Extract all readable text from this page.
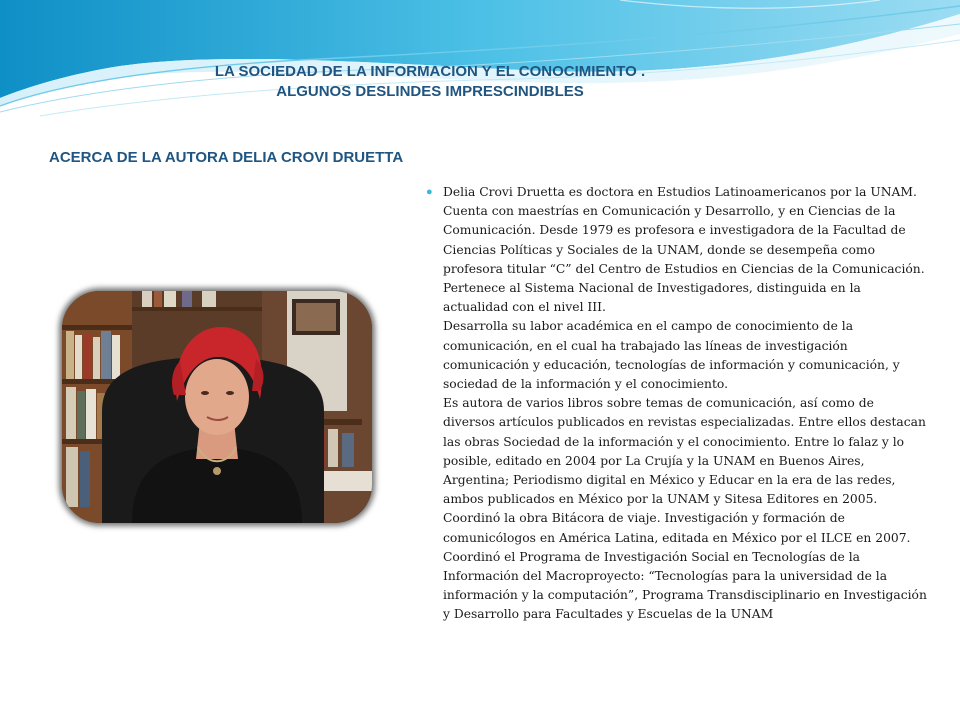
LA SOCIEDAD DE LA INFORMACION Y EL CONOCIMIENTO .
ALGUNOS DESLINDES IMPRESCINDIBLES
ACERCA DE LA AUTORA DELIA CROVI DRUETTA
● Delia Crovi Druetta es doctora en Estudios Latinoamericanos por la UNAM. Cuenta con maestrías en Comunicación y Desarrollo, y en Ciencias de la Comunicación. Desde 1979 es profesora e investigadora de la Facultad de Ciencias Políticas y Sociales de la UNAM, donde se desempeña como profesora titular “C” del Centro de Estudios en Ciencias de la Comunicación. Pertenece al Sistema Nacional de Investigadores, distinguida en la actualidad con el nivel III.

Desarrolla su labor académica en el campo de conocimiento de la comunicación, en el cual ha trabajado las líneas de investigación comunicación y educación, tecnologías de información y comunicación, y sociedad de la información y el conocimiento.

Es autora de varios libros sobre temas de comunicación, así como de diversos artículos publicados en revistas especializadas. Entre ellos destacan las obras Sociedad de la información y el conocimiento. Entre lo falaz y lo posible, editado en 2004 por La Crujía y la UNAM en Buenos Aires, Argentina; Periodismo digital en México y Educar en la era de las redes, ambos publicados en México por la UNAM y Sitesa Editores en 2005. Coordinó la obra Bitácora de viaje. Investigación y formación de comunicólogos en América Latina, editada en México por el ILCE en 2007.

Coordinó el Programa de Investigación Social en Tecnologías de la Información del Macroproyecto: “Tecnologías para la universidad de la información y la computación”, Programa Transdisciplinario en Investigación y Desarrollo para Facultades y Escuelas de la UNAM
